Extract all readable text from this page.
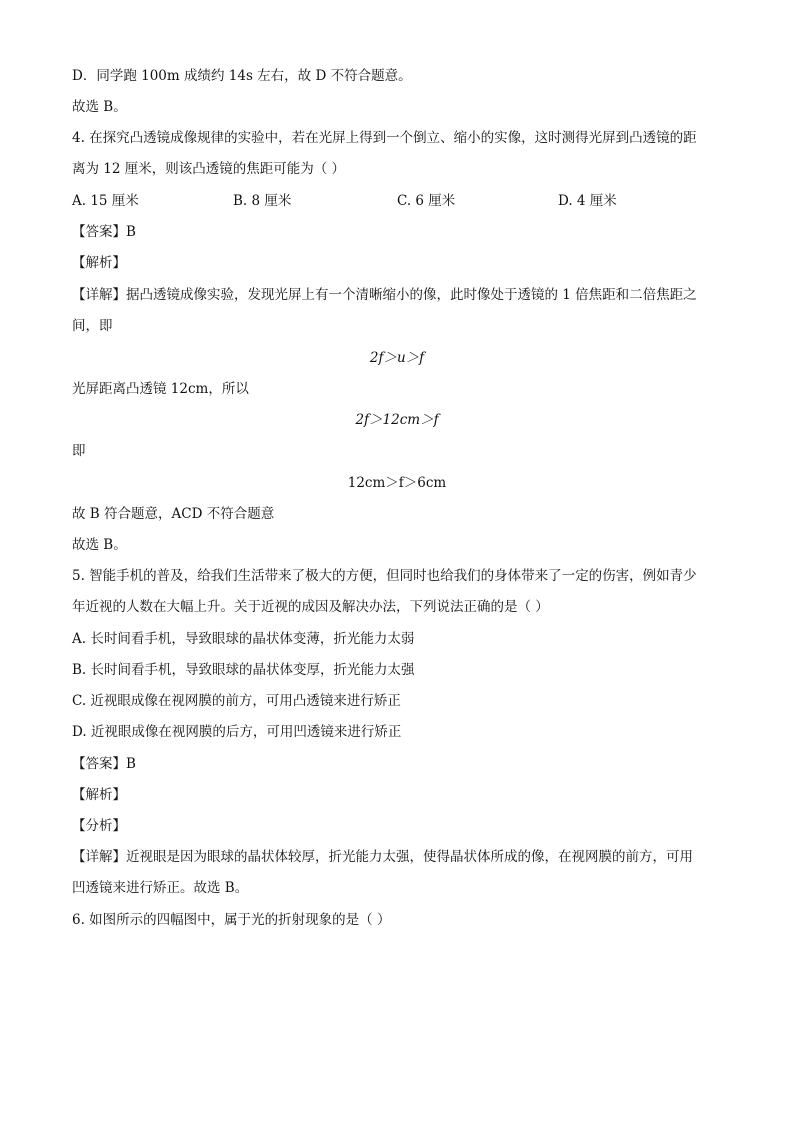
D．同学跑 100m 成绩约 14s 左右，故 D 不符合题意。
故选 B。
4. 在探究凸透镜成像规律的实验中，若在光屏上得到一个倒立、缩小的实像，这时测得光屏到凸透镜的距
离为 12 厘米，则该凸透镜的焦距可能为（ ）
A. 15 厘米	B. 8 厘米	C. 6 厘米	D. 4 厘米
【答案】B
【解析】
【详解】据凸透镜成像实验，发现光屏上有一个清晰缩小的像，此时像处于透镜的 1 倍焦距和二倍焦距之
间，即
2f＞u＞f
光屏距离凸透镜 12cm，所以
2f＞12cm＞f
即
12cm＞f＞6cm
故 B 符合题意，ACD 不符合题意
故选 B。
5. 智能手机的普及，给我们生活带来了极大的方便，但同时也给我们的身体带来了一定的伤害，例如青少
年近视的人数在大幅上升。关于近视的成因及解决办法，下列说法正确的是（ ）
A. 长时间看手机，导致眼球的晶状体变薄，折光能力太弱
B. 长时间看手机，导致眼球的晶状体变厚，折光能力太强
C. 近视眼成像在视网膜的前方，可用凸透镜来进行矫正
D. 近视眼成像在视网膜的后方，可用凹透镜来进行矫正
【答案】B
【解析】
【分析】
【详解】近视眼是因为眼球的晶状体较厚，折光能力太强，使得晶状体所成的像，在视网膜的前方，可用
凹透镜来进行矫正。故选 B。
6. 如图所示的四幅图中，属于光的折射现象的是（ ）
